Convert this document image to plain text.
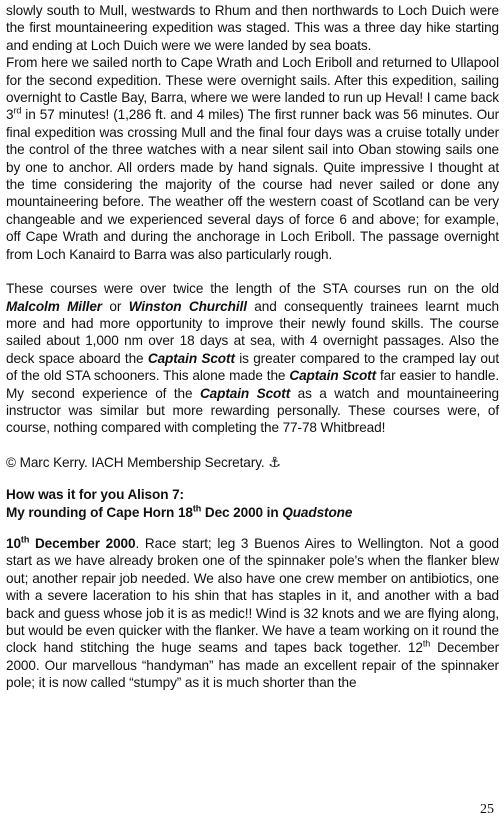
slowly south to Mull, westwards to Rhum and then northwards to Loch Duich were the first mountaineering expedition was staged. This was a three day hike starting and ending at Loch Duich were we were landed by sea boats.

From here we sailed north to Cape Wrath and Loch Eriboll and returned to Ullapool for the second expedition. These were overnight sails. After this expedition, sailing overnight to Castle Bay, Barra, where we were landed to run up Heval! I came back 3rd in 57 minutes! (1,286 ft. and 4 miles) The first runner back was 56 minutes. Our final expedition was crossing Mull and the final four days was a cruise totally under the control of the three watches with a near silent sail into Oban stowing sails one by one to anchor. All orders made by hand signals. Quite impressive I thought at the time considering the majority of the course had never sailed or done any mountaineering before. The weather off the western coast of Scotland can be very changeable and we experienced several days of force 6 and above; for example, off Cape Wrath and during the anchorage in Loch Eriboll. The passage overnight from Loch Kanaird to Barra was also particularly rough.

These courses were over twice the length of the STA courses run on the old Malcolm Miller or Winston Churchill and consequently trainees learnt much more and had more opportunity to improve their newly found skills. The course sailed about 1,000 nm over 18 days at sea, with 4 overnight passages. Also the deck space aboard the Captain Scott is greater compared to the cramped lay out of the old STA schooners. This alone made the Captain Scott far easier to handle. My second experience of the Captain Scott as a watch and mountaineering instructor was similar but more rewarding personally. These courses were, of course, nothing compared with completing the 77-78 Whitbread!

© Marc Kerry. IACH Membership Secretary. ⚓

How was it for you Alison 7:

My rounding of Cape Horn 18th Dec 2000 in Quadstone

10th December 2000. Race start; leg 3 Buenos Aires to Wellington. Not a good start as we have already broken one of the spinnaker pole's when the flanker blew out; another repair job needed. We also have one crew member on antibiotics, one with a severe laceration to his shin that has staples in it, and another with a bad back and guess whose job it is as medic!! Wind is 32 knots and we are flying along, but would be even quicker with the flanker. We have a team working on it round the clock hand stitching the huge seams and tapes back together. 12th December 2000. Our marvellous “handyman” has made an excellent repair of the spinnaker pole; it is now called “stumpy” as it is much shorter than the

25
